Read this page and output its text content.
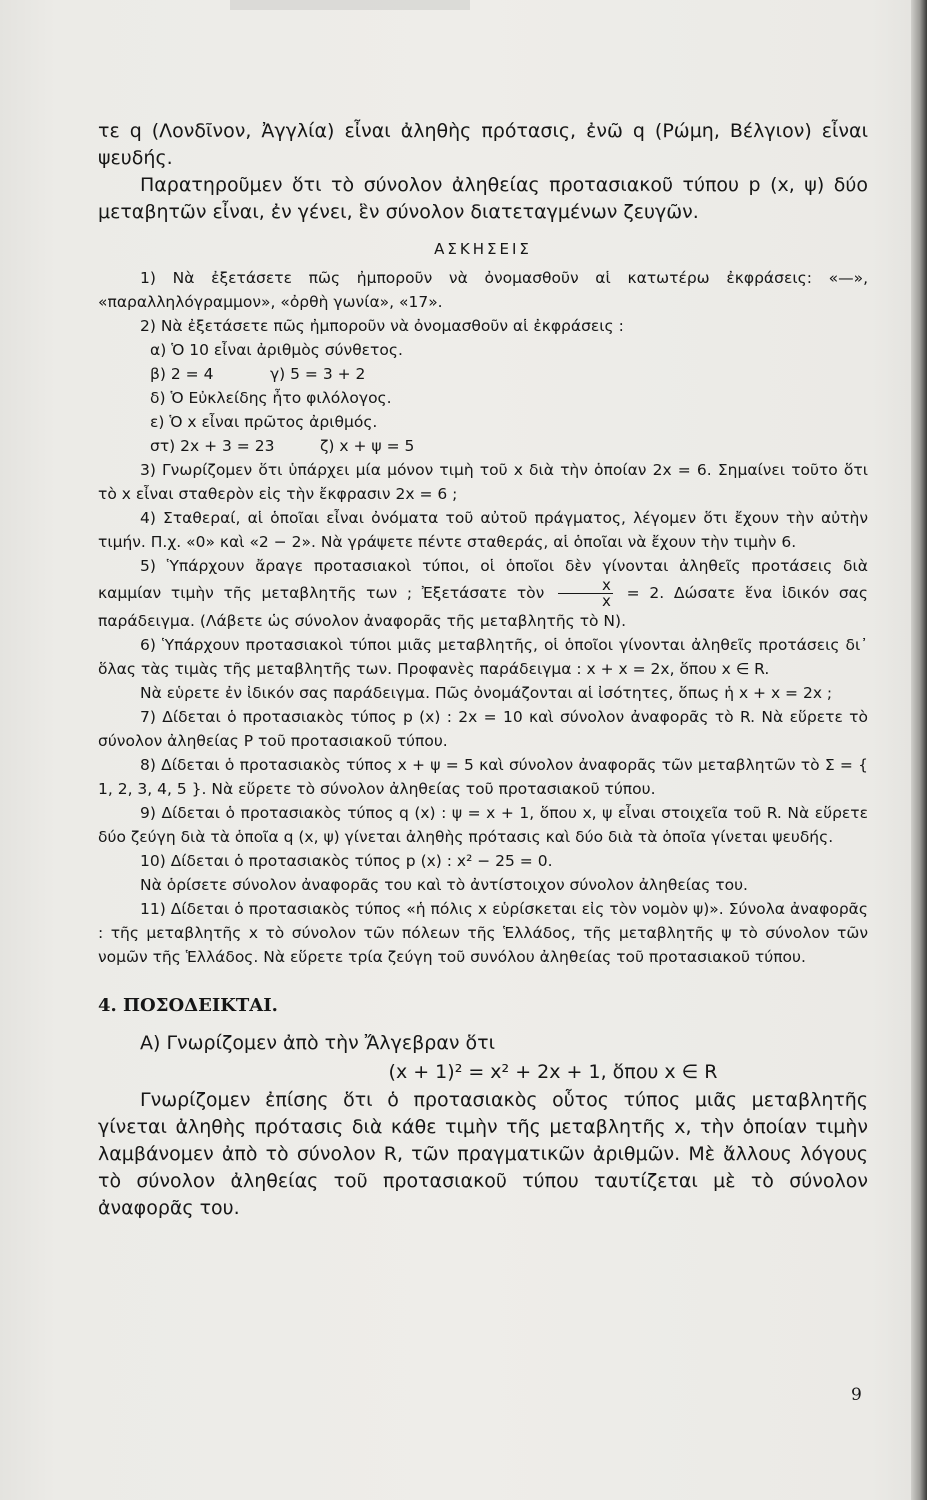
τε q (Λονδῖνον, Ἀγγλία) εἶναι ἀληθὴς πρότασις, ἐνῶ q (Ρώμη, Βέλγιον) εἶναι ψευδής.

Παρατηροῦμεν ὅτι τὸ σύνολον ἀληθείας προτασιακοῦ τύπου p (x, ψ) δύο μεταβητῶν εἶναι, ἐν γένει, ἓν σύνολον διατεταγμένων ζευγῶν.

ΑΣΚΗΣΕΙΣ

1) Νὰ ἐξετάσετε πῶς ἠμποροῦν νὰ ὀνομασθοῦν αἱ κατωτέρω ἐκφράσεις: «—», «παραλληλόγραμμον», «ὀρθὴ γωνία», «17».

2) Νὰ ἐξετάσετε πῶς ἠμποροῦν νὰ ὀνομασθοῦν αἱ ἐκφράσεις :

α) Ὁ 10 εἶναι ἀριθμὸς σύνθετος.
β) 2 = 4	γ) 5 = 3 + 2
δ) Ὁ Εὐκλείδης ἦτο φιλόλογος.
ε) Ὁ x εἶναι πρῶτος ἀριθμός.
στ) 2x + 3 = 23	ζ) x + ψ = 5

3) Γνωρίζομεν ὅτι ὑπάρχει μία μόνον τιμὴ τοῦ x διὰ τὴν ὁποίαν 2x = 6. Σημαίνει τοῦτο ὅτι τὸ x εἶναι σταθερὸν εἰς τὴν ἔκφρασιν 2x = 6 ;

4) Σταθεραί, αἱ ὁποῖαι εἶναι ὀνόματα τοῦ αὐτοῦ πράγματος, λέγομεν ὅτι ἔχουν τὴν αὐτὴν τιμήν. Π.χ. «0» καὶ «2 − 2». Νὰ γράψετε πέντε σταθεράς, αἱ ὁποῖαι νὰ ἔχουν τὴν τιμὴν 6.

5) Ὑπάρχουν ἄραγε προτασιακοὶ τύποι, οἱ ὁποῖοι δὲν γίνονται ἀληθεῖς προτάσεις διὰ καμμίαν τιμὴν τῆς μεταβλητῆς των ; Ἐξετάσατε τὸν $\frac{x}{x} = 2$. Δώσατε ἕνα ἰδικόν σας παράδειγμα. (Λάβετε ὡς σύνολον ἀναφορᾶς τῆς μεταβλητῆς τὸ N).

6) Ὑπάρχουν προτασιακοὶ τύποι μιᾶς μεταβλητῆς, οἱ ὁποῖοι γίνονται ἀληθεῖς προτάσεις δι᾿ ὅλας τὰς τιμὰς τῆς μεταβλητῆς των. Προφανὲς παράδειγμα : x + x = 2x, ὅπου x ∈ R.

Νὰ εὑρετε ἐν ἰδικόν σας παράδειγμα. Πῶς ὀνομάζονται αἱ ἰσότητες, ὅπως ἡ x + x = 2x ;

7) Δίδεται ὁ προτασιακὸς τύπος p (x) : 2x = 10 καὶ σύνολον ἀναφορᾶς τὸ R. Νὰ εὕρετε τὸ σύνολον ἀληθείας P τοῦ προτασιακοῦ τύπου.

8) Δίδεται ὁ προτασιακὸς τύπος x + ψ = 5 καὶ σύνολον ἀναφορᾶς τῶν μεταβλητῶν τὸ Σ = { 1, 2, 3, 4, 5 }. Νὰ εὕρετε τὸ σύνολον ἀληθείας τοῦ προτασιακοῦ τύπου.

9) Δίδεται ὁ προτασιακὸς τύπος q (x) : ψ = x + 1, ὅπου x, ψ εἶναι στοιχεῖα τοῦ R. Νὰ εὕρετε δύο ζεύγη διὰ τὰ ὁποῖα q (x, ψ) γίνεται ἀληθὴς πρότασις καὶ δύο διὰ τὰ ὁποῖα γίνεται ψευδής.

10) Δίδεται ὁ προτασιακὸς τύπος p (x) : x² − 25 = 0.

Νὰ ὁρίσετε σύνολον ἀναφορᾶς του καὶ τὸ ἀντίστοιχον σύνολον ἀληθείας του.

11) Δίδεται ὁ προτασιακὸς τύπος «ἡ πόλις x εὑρίσκεται εἰς τὸν νομὸν ψ)». Σύνολα ἀναφορᾶς : τῆς μεταβλητῆς x τὸ σύνολον τῶν πόλεων τῆς Ἑλλάδος, τῆς μεταβλητῆς ψ τὸ σύνολον τῶν νομῶν τῆς Ἑλλάδος. Νὰ εὕρετε τρία ζεύγη τοῦ συνόλου ἀληθείας τοῦ προτασιακοῦ τύπου.

4. ΠΟΣΟΔΕΙΚΤΑΙ.

Α) Γνωρίζομεν ἀπὸ τὴν Ἄλγεβραν ὅτι

(x + 1)² = x² + 2x + 1, ὅπου x ∈ R

Γνωρίζομεν ἐπίσης ὅτι ὁ προτασιακὸς οὗτος τύπος μιᾶς μεταβλητῆς γίνεται ἀληθὴς πρότασις διὰ κάθε τιμὴν τῆς μεταβλητῆς x, τὴν ὁποίαν τιμὴν λαμβάνομεν ἀπὸ τὸ σύνολον R, τῶν πραγματικῶν ἀριθμῶν. Μὲ ἄλλους λόγους τὸ σύνολον ἀληθείας τοῦ προτασιακοῦ τύπου ταυτίζεται μὲ τὸ σύνολον ἀναφορᾶς του.

9
